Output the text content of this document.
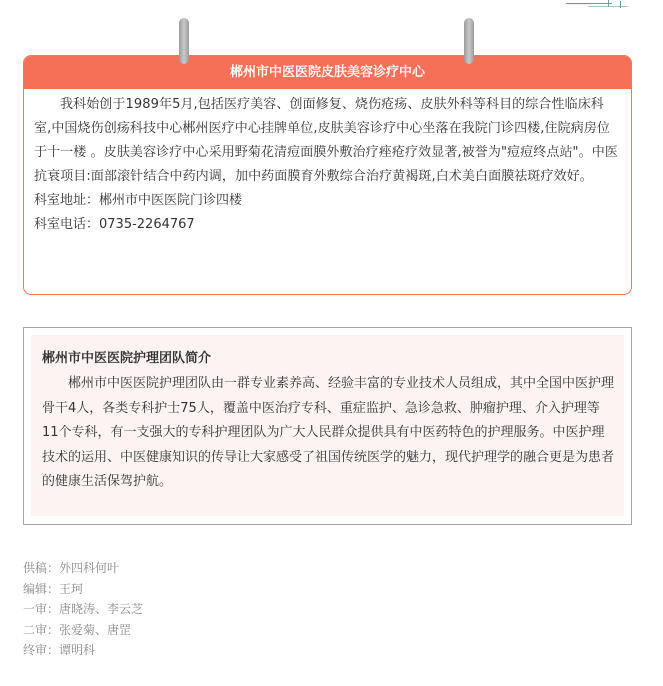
郴州市中医医院皮肤美容诊疗中心

我科始创于1989年5月,包括医疗美容、创面修复、烧伤疮疡、皮肤外科等科目的综合性临床科室,中国烧伤创疡科技中心郴州医疗中心挂牌单位,皮肤美容诊疗中心坐落在我院门诊四楼,住院病房位于十一楼 。皮肤美容诊疗中心采用野菊花清痘面膜外敷治疗痤疮疗效显著,被誉为"痘痘终点站"。中医抗衰项目:面部滚针结合中药内调，加中药面膜育外敷综合治疗黄褐斑,白术美白面膜祛斑疗效好。

科室地址：郴州市中医医院门诊四楼

科室电话：0735-2264767

郴州市中医医院护理团队简介

郴州市中医医院护理团队由一群专业素养高、经验丰富的专业技术人员组成，其中全国中医护理骨干4人，各类专科护士75人，覆盖中医治疗专科、重症监护、急诊急救、肿瘤护理、介入护理等11个专科，有一支强大的专科护理团队为广大人民群众提供具有中医药特色的护理服务。中医护理技术的运用、中医健康知识的传导让大家感受了祖国传统医学的魅力，现代护理学的融合更是为患者的健康生活保驾护航。

供稿：外四科何叶
编辑：王珂
一审：唐晓涛、李云芝
二审：张爱菊、唐罡
终审：谭明科
